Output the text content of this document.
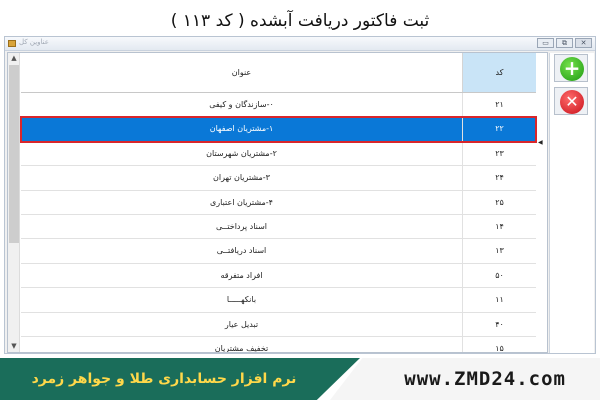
ثبت فاکتور دریافت آبشده ( کد ۱۱۳ )
عناوین کل	▭	⧉	✕
▲
▼
عنوان	کد
۰-سازندگان و کیفی	۲۱
۱-مشتریان اصفهان	۲۲
۲-مشتریان شهرستان	۲۳
۳-مشتریان تهران	۲۴
۴-مشتریان اعتباری	۲۵
اسناد پرداختــی	۱۴
اسناد دریافتــی	۱۳
افراد متفرقه	۵۰
بانکهـــــا	۱۱
تبدیل عیار	۴۰
تخفیف مشتریان	۱۵
◀
+
✕
نرم افزار حسابداری طلا و جواهر زمرد	www.ZMD24.com
